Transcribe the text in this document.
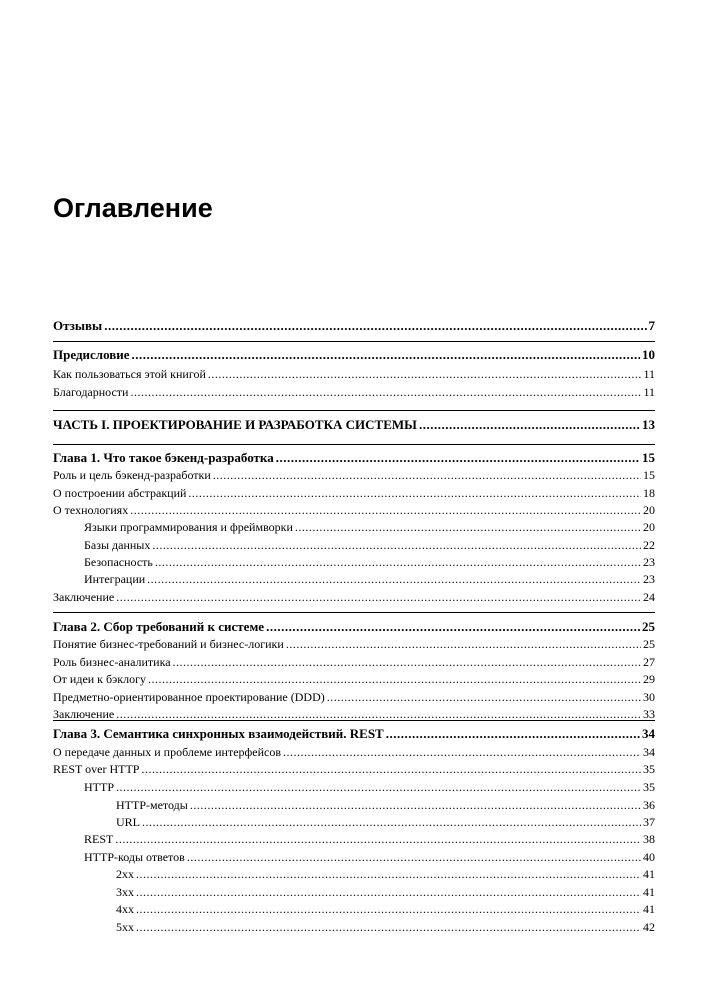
Оглавление
Отзывы .....	7
Предисловие .....	10
Как пользоваться этой книгой .....	11
Благодарности .....	11
ЧАСТЬ I. ПРОЕКТИРОВАНИЕ И РАЗРАБОТКА СИСТЕМЫ .....	13
Глава 1. Что такое бэкенд-разработка .....	15
Роль и цель бэкенд-разработки .....	15
О построении абстракций .....	18
О технологиях .....	20
Языки программирования и фреймворки .....	20
Базы данных .....	22
Безопасность .....	23
Интеграции .....	23
Заключение .....	24
Глава 2. Сбор требований к системе .....	25
Понятие бизнес-требований и бизнес-логики .....	25
Роль бизнес-аналитика .....	27
От идеи к бэклогу .....	29
Предметно-ориентированное проектирование (DDD) .....	30
Заключение .....	33
Глава 3. Семантика синхронных взаимодействий. REST .....	34
О передаче данных и проблеме интерфейсов .....	34
REST over HTTP .....	35
HTTP .....	35
HTTP-методы .....	36
URL .....	37
REST .....	38
HTTP-коды ответов .....	40
2xx .....	41
3xx .....	41
4xx .....	41
5xx .....	42
